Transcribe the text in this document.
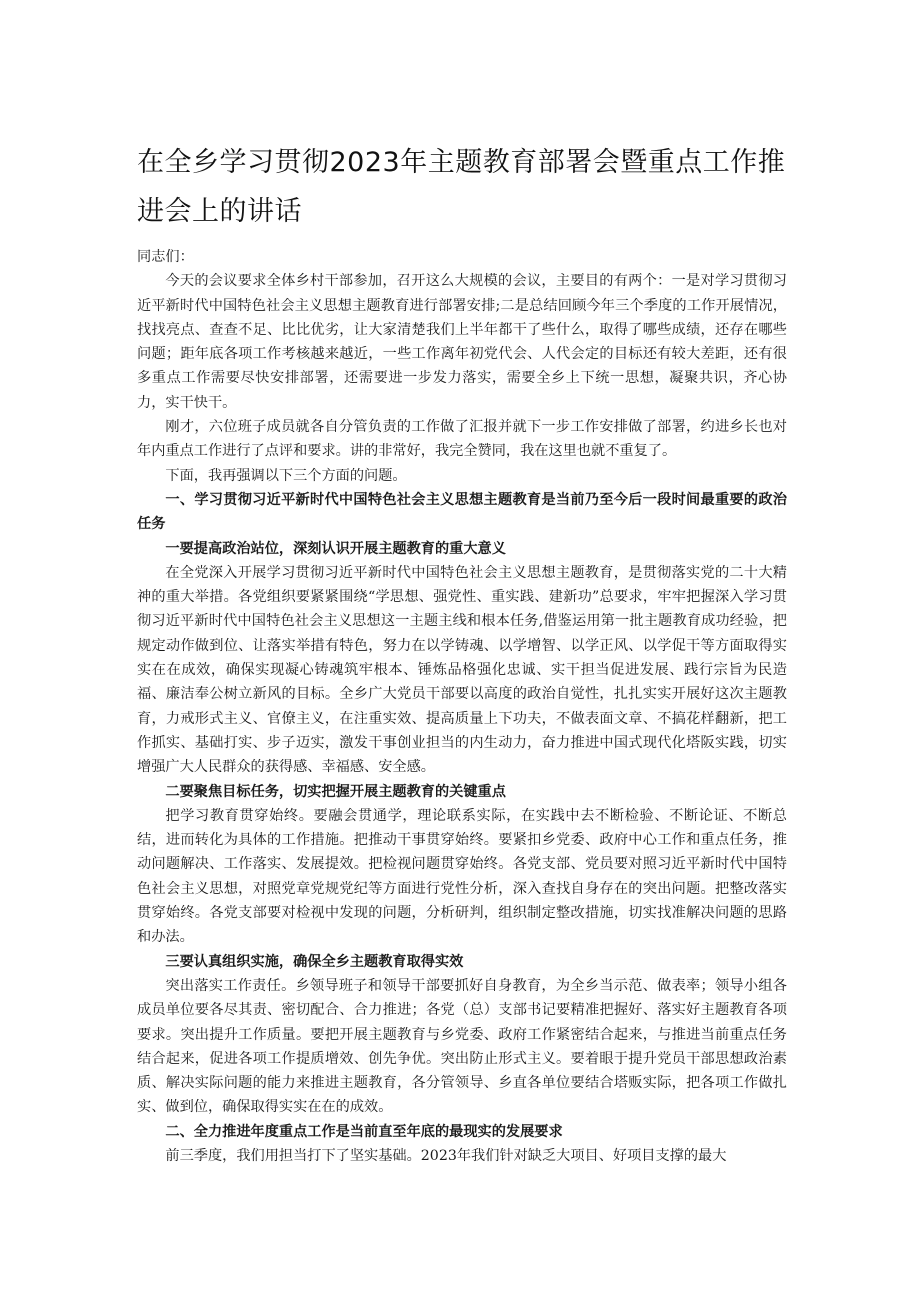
在全乡学习贯彻2023年主题教育部署会暨重点工作推进会上的讲话

同志们：

今天的会议要求全体乡村干部参加，召开这么大规模的会议，主要目的有两个：一是对学习贯彻习近平新时代中国特色社会主义思想主题教育进行部署安排;二是总结回顾今年三个季度的工作开展情况，找找亮点、查查不足、比比优劣，让大家清楚我们上半年都干了些什么，取得了哪些成绩，还存在哪些问题；距年底各项工作考核越来越近，一些工作离年初党代会、人代会定的目标还有较大差距，还有很多重点工作需要尽快安排部署，还需要进一步发力落实，需要全乡上下统一思想，凝聚共识，齐心协力，实干快干。

刚才，六位班子成员就各自分管负责的工作做了汇报并就下一步工作安排做了部署，约进乡长也对年内重点工作进行了点评和要求。讲的非常好，我完全赞同，我在这里也就不重复了。

下面，我再强调以下三个方面的问题。

一、学习贯彻习近平新时代中国特色社会主义思想主题教育是当前乃至今后一段时间最重要的政治任务

一要提高政治站位，深刻认识开展主题教育的重大意义

在全党深入开展学习贯彻习近平新时代中国特色社会主义思想主题教育，是贯彻落实党的二十大精神的重大举措。各党组织要紧紧围绕“学思想、强党性、重实践、建新功”总要求，牢牢把握深入学习贯彻习近平新时代中国特色社会主义思想这一主题主线和根本任务,借鉴运用第一批主题教育成功经验，把规定动作做到位、让落实举措有特色，努力在以学铸魂、以学增智、以学正风、以学促干等方面取得实实在在成效，确保实现凝心铸魂筑牢根本、锤炼品格强化忠诚、实干担当促进发展、践行宗旨为民造福、廉洁奉公树立新风的目标。全乡广大党员干部要以高度的政治自觉性，扎扎实实开展好这次主题教育，力戒形式主义、官僚主义，在注重实效、提高质量上下功夫，不做表面文章、不搞花样翻新，把工作抓实、基础打实、步子迈实，激发干事创业担当的内生动力，奋力推进中国式现代化塔阪实践，切实增强广大人民群众的获得感、幸福感、安全感。

二要聚焦目标任务，切实把握开展主题教育的关键重点

把学习教育贯穿始终。要融会贯通学，理论联系实际，在实践中去不断检验、不断论证、不断总结，进而转化为具体的工作措施。把推动干事贯穿始终。要紧扣乡党委、政府中心工作和重点任务，推动问题解决、工作落实、发展提效。把检视问题贯穿始终。各党支部、党员要对照习近平新时代中国特色社会主义思想，对照党章党规党纪等方面进行党性分析，深入查找自身存在的突出问题。把整改落实贯穿始终。各党支部要对检视中发现的问题，分析研判，组织制定整改措施，切实找准解决问题的思路和办法。

三要认真组织实施，确保全乡主题教育取得实效

突出落实工作责任。乡领导班子和领导干部要抓好自身教育，为全乡当示范、做表率；领导小组各成员单位要各尽其责、密切配合、合力推进；各党（总）支部书记要精准把握好、落实好主题教育各项要求。突出提升工作质量。要把开展主题教育与乡党委、政府工作紧密结合起来，与推进当前重点任务结合起来，促进各项工作提质增效、创先争优。突出防止形式主义。要着眼于提升党员干部思想政治素质、解决实际问题的能力来推进主题教育，各分管领导、乡直各单位要结合塔贩实际，把各项工作做扎实、做到位，确保取得实实在在的成效。

二、全力推进年度重点工作是当前直至年底的最现实的发展要求

前三季度，我们用担当打下了坚实基础。2023年我们针对缺乏大项目、好项目支撑的最大
